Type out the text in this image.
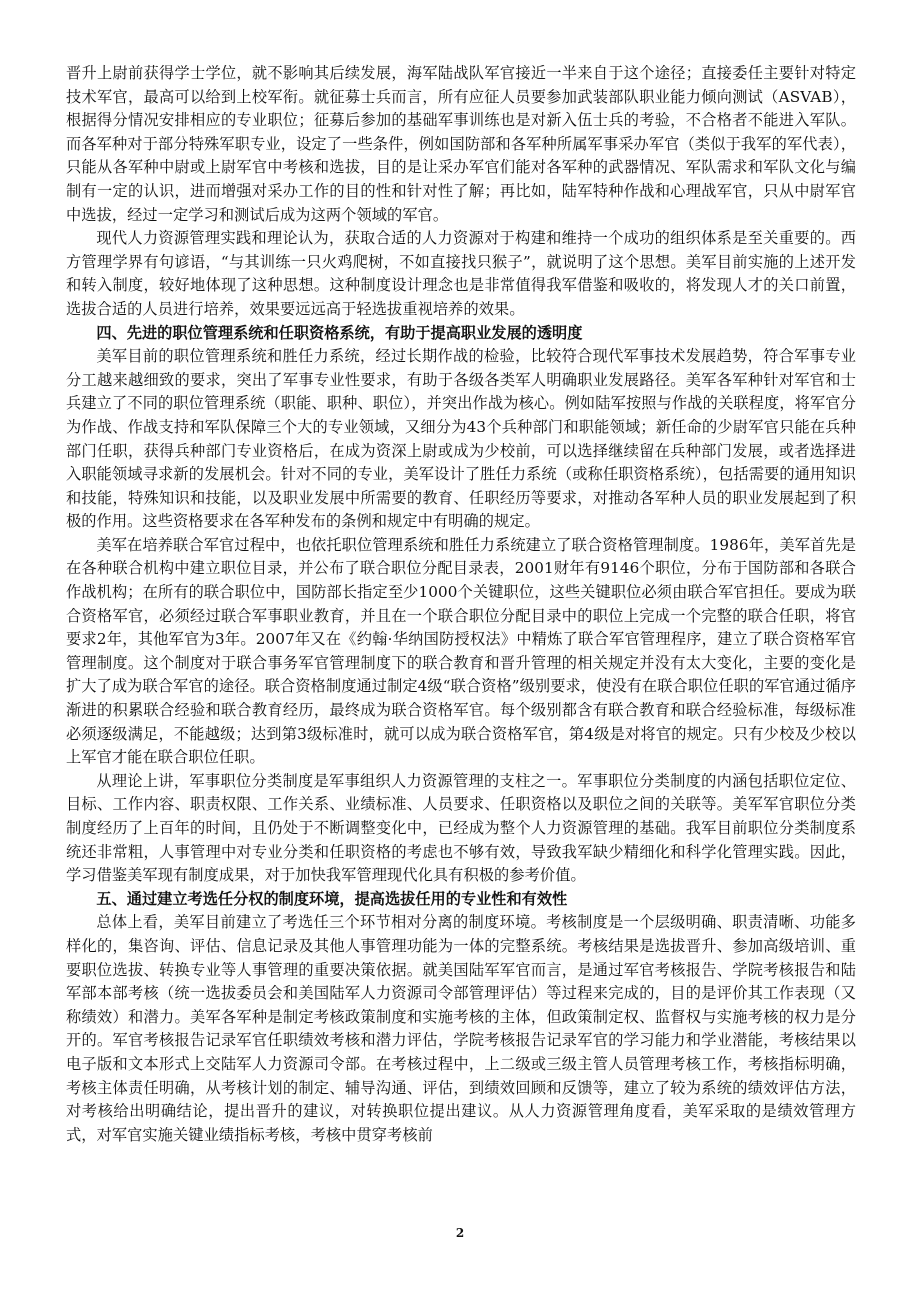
晋升上尉前获得学士学位，就不影响其后续发展，海军陆战队军官接近一半来自于这个途径；直接委任主要针对特定技术军官，最高可以给到上校军衔。就征募士兵而言，所有应征人员要参加武装部队职业能力倾向测试（ASVAB），根据得分情况安排相应的专业职位；征募后参加的基础军事训练也是对新入伍士兵的考验，不合格者不能进入军队。而各军种对于部分特殊军职专业，设定了一些条件，例如国防部和各军种所属军事采办军官（类似于我军的军代表），只能从各军种中尉或上尉军官中考核和选拔，目的是让采办军官们能对各军种的武器情况、军队需求和军队文化与编制有一定的认识，进而增强对采办工作的目的性和针对性了解；再比如，陆军特种作战和心理战军官，只从中尉军官中选拔，经过一定学习和测试后成为这两个领域的军官。

现代人力资源管理实践和理论认为，获取合适的人力资源对于构建和维持一个成功的组织体系是至关重要的。西方管理学界有句谚语，“与其训练一只火鸡爬树，不如直接找只猴子”，就说明了这个思想。美军目前实施的上述开发和转入制度，较好地体现了这种思想。这种制度设计理念也是非常值得我军借鉴和吸收的，将发现人才的关口前置，选拔合适的人员进行培养，效果要远远高于轻选拔重视培养的效果。

四、先进的职位管理系统和任职资格系统，有助于提高职业发展的透明度

美军目前的职位管理系统和胜任力系统，经过长期作战的检验，比较符合现代军事技术发展趋势，符合军事专业分工越来越细致的要求，突出了军事专业性要求，有助于各级各类军人明确职业发展路径。美军各军种针对军官和士兵建立了不同的职位管理系统（职能、职种、职位），并突出作战为核心。例如陆军按照与作战的关联程度，将军官分为作战、作战支持和军队保障三个大的专业领域，又细分为43个兵种部门和职能领域；新任命的少尉军官只能在兵种部门任职，获得兵种部门专业资格后，在成为资深上尉或成为少校前，可以选择继续留在兵种部门发展，或者选择进入职能领域寻求新的发展机会。针对不同的专业，美军设计了胜任力系统（或称任职资格系统），包括需要的通用知识和技能，特殊知识和技能，以及职业发展中所需要的教育、任职经历等要求，对推动各军种人员的职业发展起到了积极的作用。这些资格要求在各军种发布的条例和规定中有明确的规定。

美军在培养联合军官过程中，也依托职位管理系统和胜任力系统建立了联合资格管理制度。1986年，美军首先是在各种联合机构中建立职位目录，并公布了联合职位分配目录表，2001财年有9146个职位，分布于国防部和各联合作战机构；在所有的联合职位中，国防部长指定至少1000个关键职位，这些关键职位必须由联合军官担任。要成为联合资格军官，必须经过联合军事职业教育，并且在一个联合职位分配目录中的职位上完成一个完整的联合任职，将官要求2年，其他军官为3年。2007年又在《约翰·华纳国防授权法》中精炼了联合军官管理程序，建立了联合资格军官管理制度。这个制度对于联合事务军官管理制度下的联合教育和晋升管理的相关规定并没有太大变化，主要的变化是扩大了成为联合军官的途径。联合资格制度通过制定4级“联合资格”级别要求，使没有在联合职位任职的军官通过循序渐进的积累联合经验和联合教育经历，最终成为联合资格军官。每个级别都含有联合教育和联合经验标准，每级标准必须逐级满足，不能越级；达到第3级标准时，就可以成为联合资格军官，第4级是对将官的规定。只有少校及少校以上军官才能在联合职位任职。

从理论上讲，军事职位分类制度是军事组织人力资源管理的支柱之一。军事职位分类制度的内涵包括职位定位、目标、工作内容、职责权限、工作关系、业绩标准、人员要求、任职资格以及职位之间的关联等。美军军官职位分类制度经历了上百年的时间，且仍处于不断调整变化中，已经成为整个人力资源管理的基础。我军目前职位分类制度系统还非常粗，人事管理中对专业分类和任职资格的考虑也不够有效，导致我军缺少精细化和科学化管理实践。因此，学习借鉴美军现有制度成果，对于加快我军管理现代化具有积极的参考价值。

五、通过建立考选任分权的制度环境，提高选拔任用的专业性和有效性

总体上看，美军目前建立了考选任三个环节相对分离的制度环境。考核制度是一个层级明确、职责清晰、功能多样化的，集咨询、评估、信息记录及其他人事管理功能为一体的完整系统。考核结果是选拔晋升、参加高级培训、重要职位选拔、转换专业等人事管理的重要决策依据。就美国陆军军官而言，是通过军官考核报告、学院考核报告和陆军部本部考核（统一选拔委员会和美国陆军人力资源司令部管理评估）等过程来完成的，目的是评价其工作表现（又称绩效）和潜力。美军各军种是制定考核政策制度和实施考核的主体，但政策制定权、监督权与实施考核的权力是分开的。军官考核报告记录军官任职绩效考核和潜力评估，学院考核报告记录军官的学习能力和学业潜能，考核结果以电子版和文本形式上交陆军人力资源司令部。在考核过程中，上二级或三级主管人员管理考核工作，考核指标明确，考核主体责任明确，从考核计划的制定、辅导沟通、评估，到绩效回顾和反馈等，建立了较为系统的绩效评估方法，对考核给出明确结论，提出晋升的建议，对转换职位提出建议。从人力资源管理角度看，美军采取的是绩效管理方式，对军官实施关键业绩指标考核，考核中贯穿考核前

2
